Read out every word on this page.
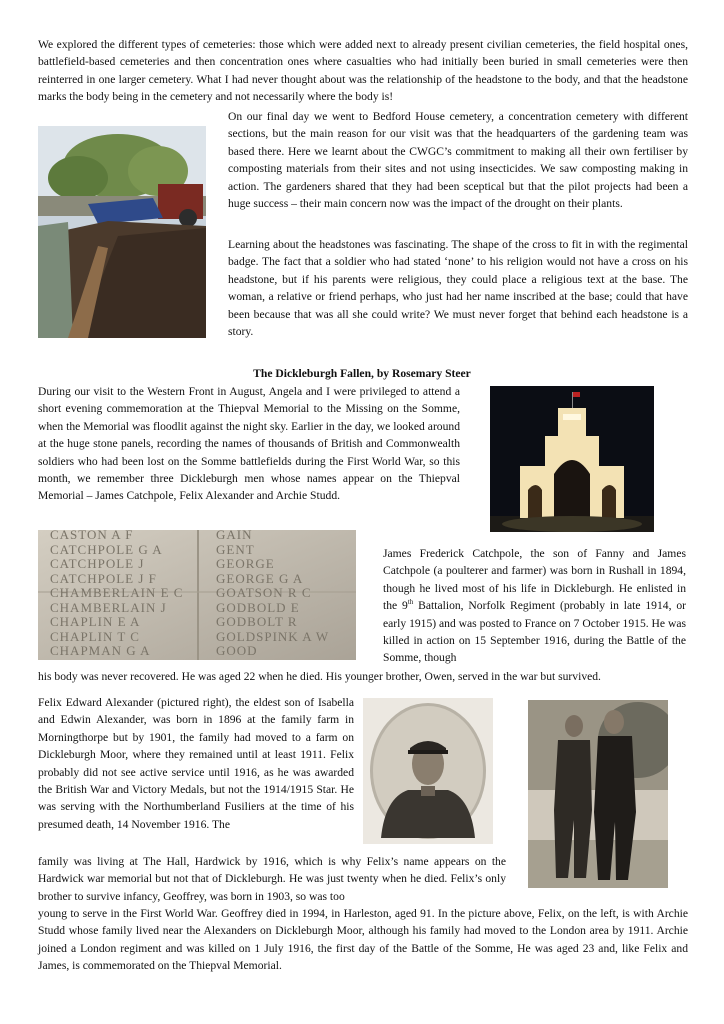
We explored the different types of cemeteries: those which were added next to already present civilian cemeteries, the field hospital ones, battlefield-based cemeteries and then concentration ones where casualties who had initially been buried in small cemeteries were then reinterred in one larger cemetery. What I had never thought about was the relationship of the headstone to the body, and that the headstone marks the body being in the cemetery and not necessarily where the body is!

On our final day we went to Bedford House cemetery, a concentration cemetery with different sections, but the main reason for our visit was that the headquarters of the gardening team was based there. Here we learnt about the CWGC’s commitment to making all their own fertiliser by composting materials from their sites and not using insecticides. We saw composting making in action. The gardeners shared that they had been sceptical but that the pilot projects had been a huge success – their main concern now was the impact of the drought on their plants.

Learning about the headstones was fascinating. The shape of the cross to fit in with the regimental badge. The fact that a soldier who had stated ‘none’ to his religion would not have a cross on his headstone, but if his parents were religious, they could place a religious text at the base. The woman, a relative or friend perhaps, who just had her name inscribed at the base; could that have been because that was all she could write? We must never forget that behind each headstone is a story.

The Dickleburgh Fallen, by Rosemary Steer

During our visit to the Western Front in August, Angela and I were privileged to attend a short evening commemoration at the Thiepval Memorial to the Missing on the Somme, when the Memorial was floodlit against the night sky. Earlier in the day, we looked around at the huge stone panels, recording the names of thousands of British and Commonwealth soldiers who had been lost on the Somme battlefields during the First World War, so this month, we remember three Dickleburgh men whose names appear on the Thiepval Memorial – James Catchpole, Felix Alexander and Archie Studd.

CASTON A F
CATCHPOLE G A
CATCHPOLE J
CATCHPOLE J F
CHAMBERLAIN E C
CHAMBERLAIN J
CHAPLIN E A
CHAPLIN T C
CHAPMAN G A
GAIN
GENT
GEORGE
GEORGE G A
GOATSON R C
GODBOLD E
GODBOLT R
GOLDSPINK A W
GOOD

James Frederick Catchpole, the son of Fanny and James Catchpole (a poulterer and farmer) was born in Rushall in 1894, though he lived most of his life in Dickleburgh. He enlisted in the 9th Battalion, Norfolk Regiment (probably in late 1914, or early 1915) and was posted to France on 7 October 1915. He was killed in action on 15 September 1916, during the Battle of the Somme, though

his body was never recovered. He was aged 22 when he died. His younger brother, Owen, served in the war but survived.

Felix Edward Alexander (pictured right), the eldest son of Isabella and Edwin Alexander, was born in 1896 at the family farm in Morningthorpe but by 1901, the family had moved to a farm on Dickleburgh Moor, where they remained until at least 1911. Felix probably did not see active service until 1916, as he was awarded the British War and Victory Medals, but not the 1914/1915 Star. He was serving with the Northumberland Fusiliers at the time of his presumed death, 14 November 1916. The

family was living at The Hall, Hardwick by 1916, which is why Felix’s name appears on the Hardwick war memorial but not that of Dickleburgh. He was just twenty when he died. Felix’s only brother to survive infancy, Geoffrey, was born in 1903, so was too

young to serve in the First World War. Geoffrey died in 1994, in Harleston, aged 91. In the picture above, Felix, on the left, is with Archie Studd whose family lived near the Alexanders on Dickleburgh Moor, although his family had moved to the London area by 1911. Archie joined a London regiment and was killed on 1 July 1916, the first day of the Battle of the Somme, He was aged 23 and, like Felix and James, is commemorated on the Thiepval Memorial.
